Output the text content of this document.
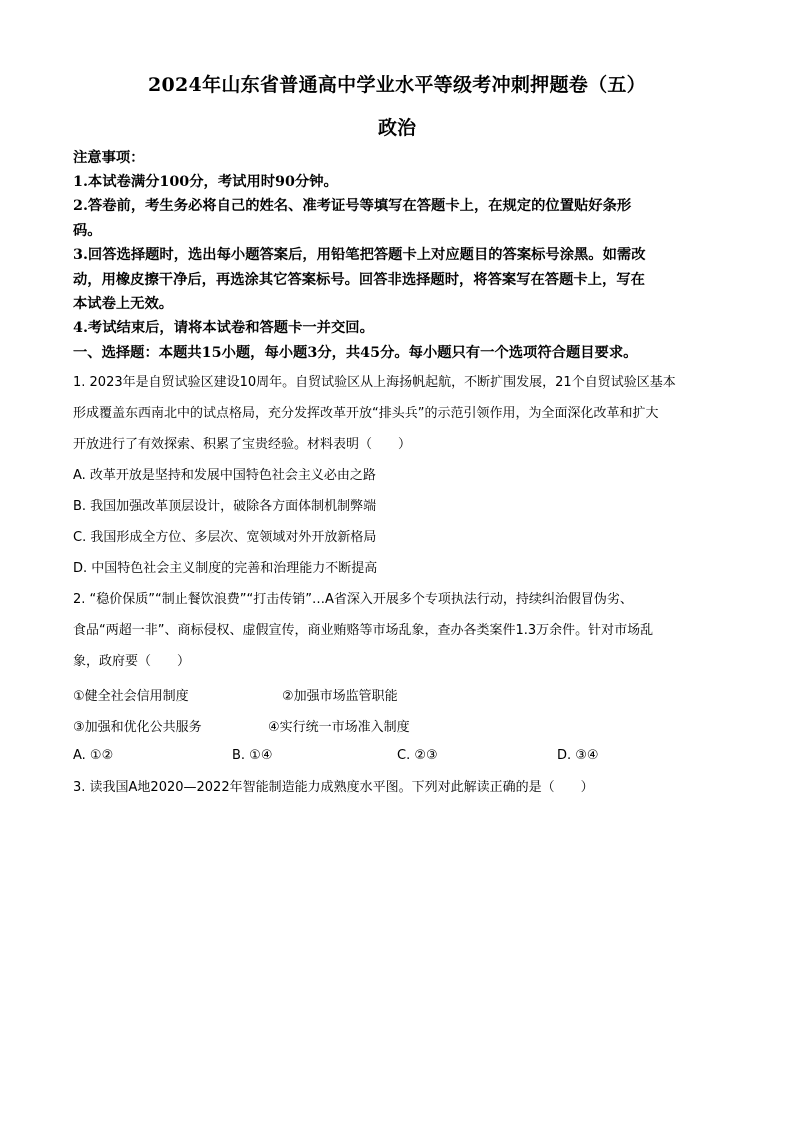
2024年山东省普通高中学业水平等级考冲刺押题卷（五）
政治
注意事项：
1.本试卷满分100分，考试用时90分钟。
2.答卷前，考生务必将自己的姓名、准考证号等填写在答题卡上，在规定的位置贴好条形
码。
3.回答选择题时，选出每小题答案后，用铅笔把答题卡上对应题目的答案标号涂黑。如需改
动，用橡皮擦干净后，再选涂其它答案标号。回答非选择题时，将答案写在答题卡上，写在
本试卷上无效。
4.考试结束后，请将本试卷和答题卡一并交回。
一、选择题：本题共15小题，每小题3分，共45分。每小题只有一个选项符合题目要求。
1. 2023年是自贸试验区建设10周年。自贸试验区从上海扬帆起航，不断扩围发展，21个自贸试验区基本
形成覆盖东西南北中的试点格局，充分发挥改革开放“排头兵”的示范引领作用，为全面深化改革和扩大
开放进行了有效探索、积累了宝贵经验。材料表明（　　）
A. 改革开放是坚持和发展中国特色社会主义必由之路
B. 我国加强改革顶层设计，破除各方面体制机制弊端
C. 我国形成全方位、多层次、宽领域对外开放新格局
D. 中国特色社会主义制度的完善和治理能力不断提高
2. “稳价保质”“制止餐饮浪费”“打击传销”…A省深入开展多个专项执法行动，持续纠治假冒伪劣、
食品“两超一非”、商标侵权、虚假宣传，商业贿赂等市场乱象，查办各类案件1.3万余件。针对市场乱
象，政府要（　　）
①健全社会信用制度	②加强市场监管职能
③加强和优化公共服务	④实行统一市场准入制度
A. ①②	B. ①④	C. ②③	D. ③④
3. 读我国A地2020—2022年智能制造能力成熟度水平图。下列对此解读正确的是（　　）
